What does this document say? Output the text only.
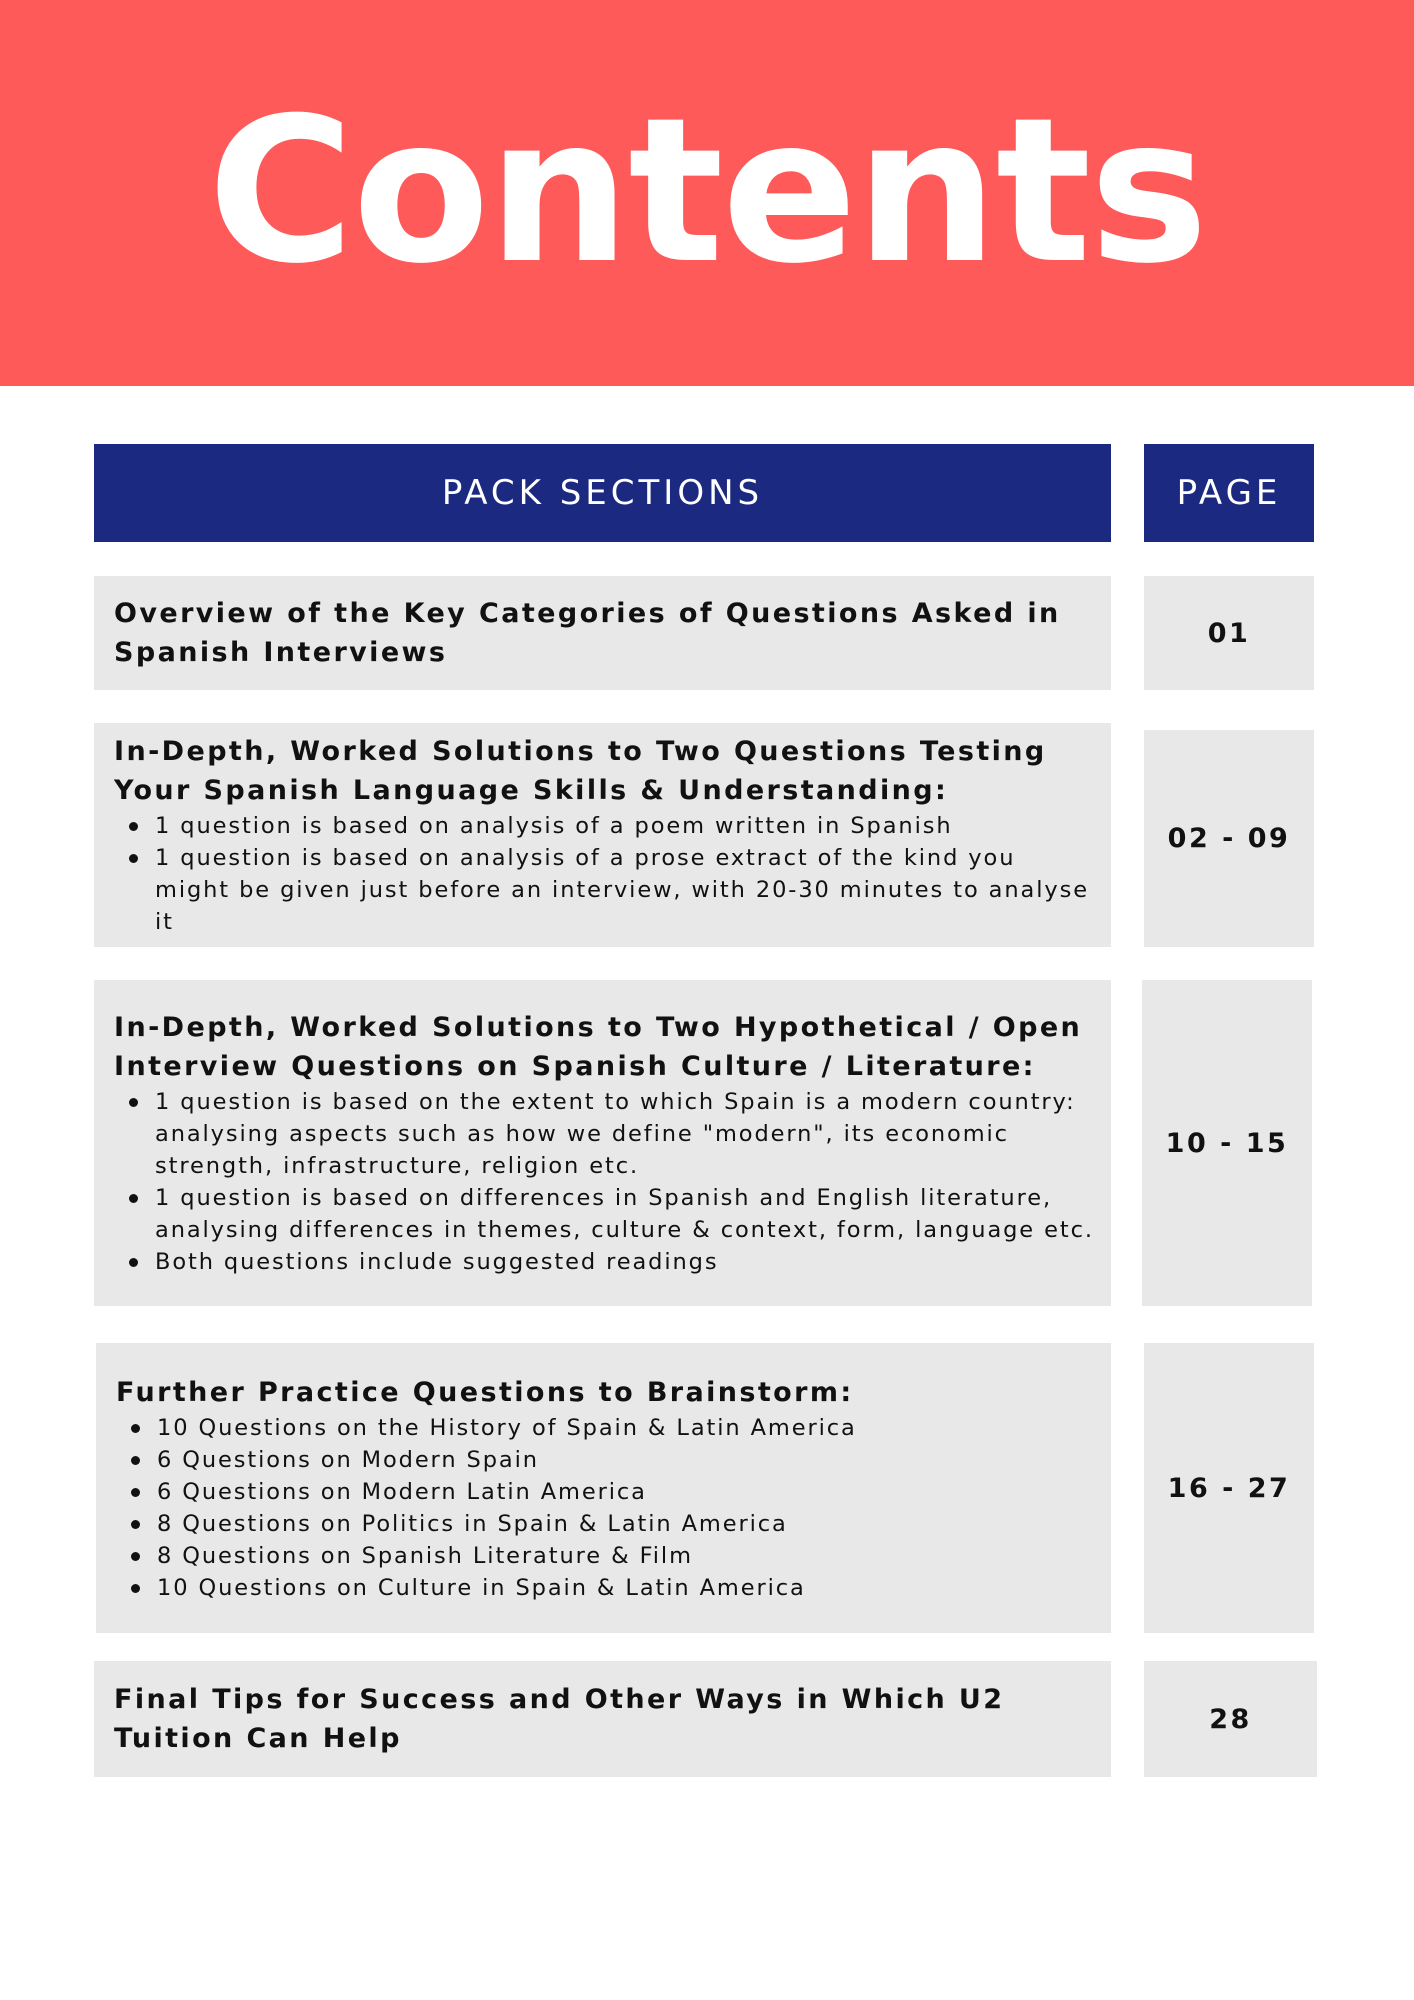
Contents
PACK SECTIONS	PAGE
Overview of the Key Categories of Questions Asked in Spanish Interviews
01
In-Depth, Worked Solutions to Two Questions Testing Your Spanish Language Skills & Understanding:
1 question is based on analysis of a poem written in Spanish
1 question is based on analysis of a prose extract of the kind you might be given just before an interview, with 20-30 minutes to analyse it
02 - 09
In-Depth, Worked Solutions to Two Hypothetical / Open Interview Questions on Spanish Culture / Literature:
1 question is based on the extent to which Spain is a modern country: analysing aspects such as how we define "modern", its economic strength, infrastructure, religion etc.
1 question is based on differences in Spanish and English literature, analysing differences in themes, culture & context, form, language etc.
Both questions include suggested readings
10 - 15
Further Practice Questions to Brainstorm:
10 Questions on the History of Spain & Latin America
6 Questions on Modern Spain
6 Questions on Modern Latin America
8 Questions on Politics in Spain & Latin America
8 Questions on Spanish Literature & Film
10 Questions on Culture in Spain & Latin America
16 - 27
Final Tips for Success and Other Ways in Which U2 Tuition Can Help
28
